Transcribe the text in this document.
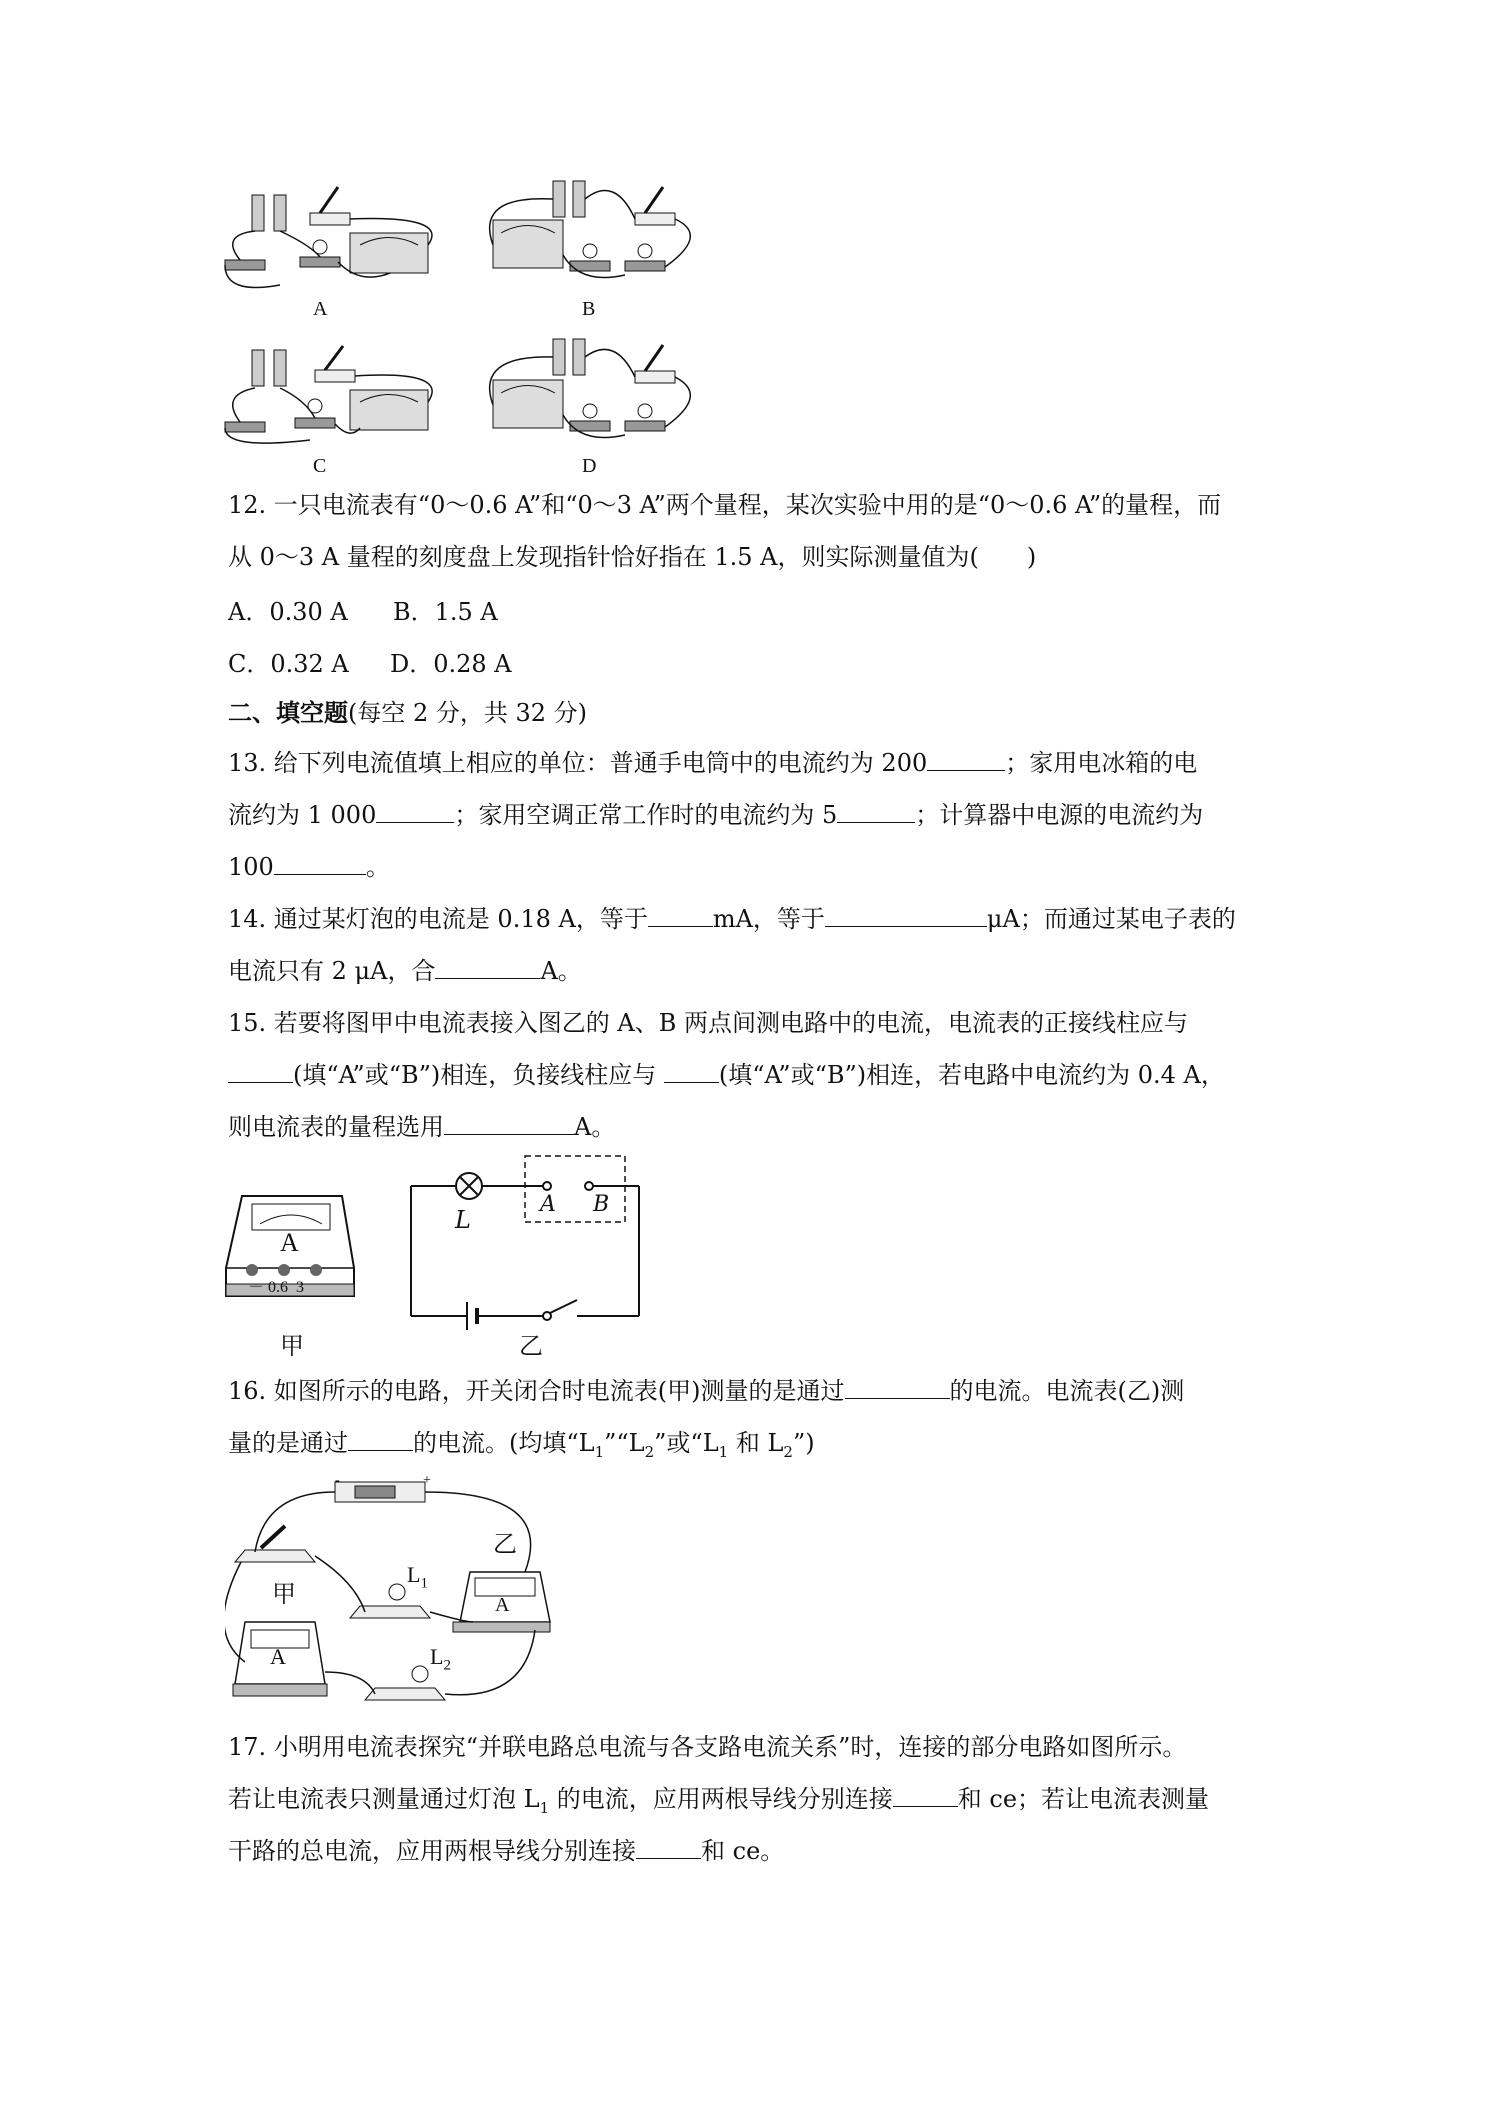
A	B
C	D
12. 一只电流表有“0～0.6 A”和“0～3 A”两个量程，某次实验中用的是“0～0.6 A”的量程，而
从 0～3 A 量程的刻度盘上发现指针恰好指在 1.5 A，则实际测量值为(　　)
A．0.30 A B．1.5 A
C．0.32 A D．0.28 A
二、填空题(每空 2 分，共 32 分)
13. 给下列电流值填上相应的单位：普通手电筒中的电流约为 200	；家用电冰箱的电
流约为 1 000	；家用空调正常工作时的电流约为 5	；计算器中电源的电流约为
100	。
14. 通过某灯泡的电流是 0.18 A，等于	mA，等于	μA；而通过某电子表的
电流只有 2 μA，合	A。
15. 若要将图甲中电流表接入图乙的 A、B 两点间测电路中的电流，电流表的正接线柱应与
(填“A”或“B”)相连，负接线柱应与 (填“A”或“B”)相连，若电路中电流约为 0.4 A，
则电流表的量程选用	A。
A
－ 0.6  3
甲
L
A B
乙
16. 如图所示的电路，开关闭合时电流表(甲)测量的是通过	的电流。电流表(乙)测
量的是通过	的电流。(均填“$L_1”“L_2$”或“$L_1$ 和 $L_2$”)
+
-
甲
乙
$L_1$
$L_2$
A
A
17. 小明用电流表探究“并联电路总电流与各支路电流关系”时，连接的部分电路如图所示。
若让电流表只测量通过灯泡 $L_1$ 的电流，应用两根导线分别连接	和 ce；若让电流表测量
干路的总电流，应用两根导线分别连接	和 ce。
